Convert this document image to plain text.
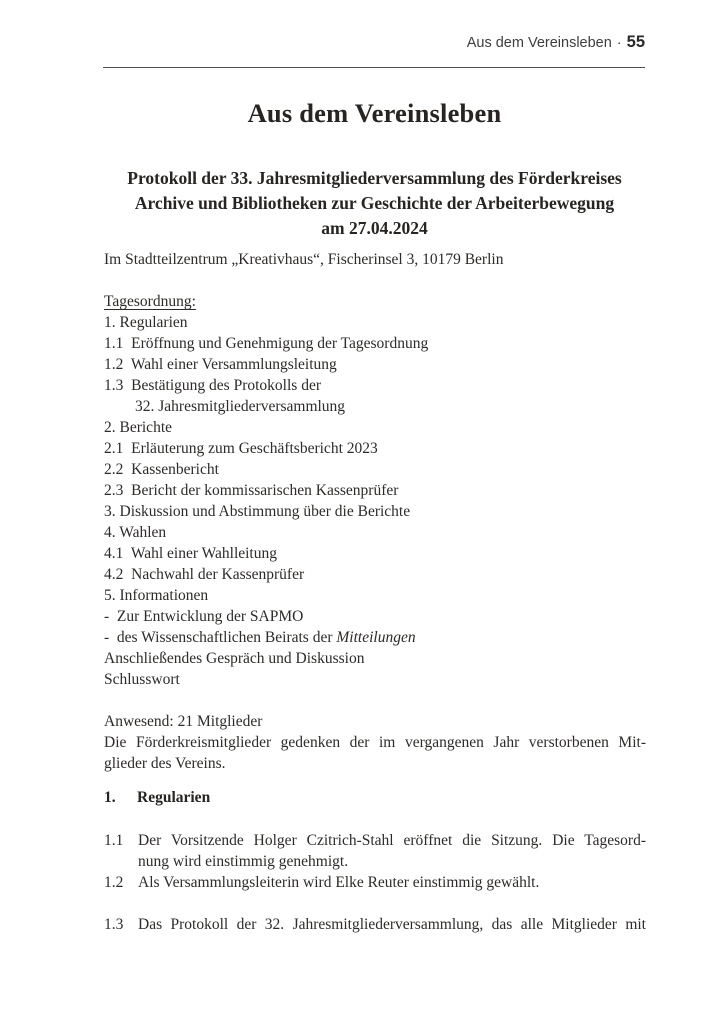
Aus dem Vereinsleben · 55
Aus dem Vereinsleben
Protokoll der 33. Jahresmitgliederversammlung des Förderkreises
Archive und Bibliotheken zur Geschichte der Arbeiterbewegung
am 27.04.2024
Im Stadtteilzentrum „Kreativhaus“, Fischerinsel 3, 10179 Berlin
Tagesordnung:
1. Regularien
1.1  Eröffnung und Genehmigung der Tagesordnung
1.2  Wahl einer Versammlungsleitung
1.3  Bestätigung des Protokolls der
32. Jahresmitgliederversammlung
2. Berichte
2.1  Erläuterung zum Geschäftsbericht 2023
2.2  Kassenbericht
2.3  Bericht der kommissarischen Kassenprüfer
3. Diskussion und Abstimmung über die Berichte
4. Wahlen
4.1  Wahl einer Wahlleitung
4.2  Nachwahl der Kassenprüfer
5. Informationen
-  Zur Entwicklung der SAPMO
-  des Wissenschaftlichen Beirats der Mitteilungen
Anschließendes Gespräch und Diskussion
Schlusswort
Anwesend: 21 Mitglieder
Die Förderkreismitglieder gedenken der im vergangenen Jahr verstorbenen Mit-
glieder des Vereins.
1.	Regularien
1.1 Der Vorsitzende Holger Czitrich-Stahl eröffnet die Sitzung. Die Tagesord-
nung wird einstimmig genehmigt.
1.2 Als Versammlungsleiterin wird Elke Reuter einstimmig gewählt.
1.3 Das Protokoll der 32. Jahresmitgliederversammlung, das alle Mitglieder mit
